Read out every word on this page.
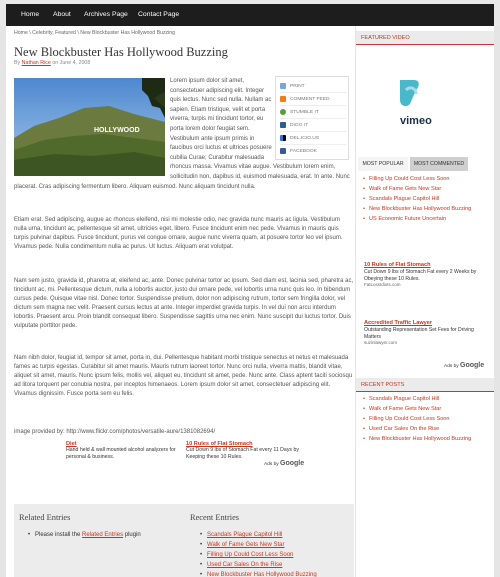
Home About Archives Page Contact Page
Home \ Celebrity, Featured \ New Blockbuster Has Hollywood Buzzing
New Blockbuster Has Hollywood Buzzing
By Nathan Rice on June 4, 2008
Lorem ipsum dolor sit amet, consectetuer adipiscing elit. Integer quis lectus. Nunc sed nulla. Nullam ac sapien. Etiam tristique, velit et porta viverra, turpis mi tincidunt tortor, eu porta lorem dolor feugiat sem. Vestibulum ante ipsum primis in faucibus orci luctus et ultrices posuere cubilia Curae; Curabitur malesuada rhoncus massa. Vivamus vitae augue. Vestibulum lorem enim, sollicitudin non, dapibus id, euismod malesuada, erat. In ante. Nunc placerat. Cras adipiscing fermentum libero. Aliquam euismod. Nunc aliquam tincidunt nulla.
HOLLYWOOD
PRINT
COMMENT FEED
STUMBLE IT
DIGG IT
DEL.ICIO.US
FACEBOOK
Etiam erat. Sed adipiscing, augue ac rhoncus eleifend, nisi mi molestie odio, nec gravida nunc mauris ac ligula. Vestibulum nulla urna, tincidunt ac, pellentesque sit amet, ultricies eget, libero. Fusce tincidunt enim nec pede. Vivamus in mauris quis turpis pulvinar dapibus. Fusce tincidunt, purus vel congue ornare, augue nunc viverra quam, at posuere tortor leo vel ipsum. Vivamus pede. Nulla condimentum nulla ac purus. Ut luctus. Aliquam erat volutpat.
Nam sem justo, gravida id, pharetra at, eleifend ac, ante. Donec pulvinar tortor ac ipsum. Sed diam est, lacinia sed, pharetra ac, tincidunt ac, mi. Pellentesque dictum, nulla a lobortis auctor, justo dui ornare pede, vel lobortis urna nunc quis leo. In bibendum cursus pede. Quisque vitae nisl. Donec tortor. Suspendisse pretium, dolor non adipiscing rutrum, tortor sem fringilla dolor, vel dictum sem magna nec velit. Praesent cursus lectus at ante. Integer imperdiet gravida turpis. In vel dui non arcu interdum lobortis. Praesent arcu. Proin blandit consequat libero. Suspendisse sagittis urna nec enim. Nunc suscipit dui luctus tortor. Duis vulputate porttitor pede.
Nam nibh dolor, feugiat id, tempor sit amet, porta in, dui. Pellentesque habitant morbi tristique senectus et netus et malesuada fames ac turpis egestas. Curabitur sit amet mauris. Mauris rutrum laoreet tortor. Nunc orci nulla, viverra mattis, blandit vitae, aliquet sit amet, mauris. Nunc ipsum felis, mollis vel, aliquet eu, tincidunt sit amet, pede. Nunc ante. Class aptent taciti sociosqu ad litora torquent per conubia nostra, per inceptos himenaeos. Lorem ipsum dolor sit amet, consectetuer adipiscing elit. Vivamus dignissim. Fusce porta sem eu felis.
image provided by: http://www.flickr.com/photos/versatile-aure/1381082694/
Diet
Hand held & wall mounted alcohol analyzers for personal & business.
10 Rules of Flat Stomach
Cut Down 9 lbs of Stomach Fat every 11 Days by Keeping these 10 Rules.
Ads by Google
Related Entries
• Please install the Related Entries plugin
Recent Entries
• Scandals Plague Capitol Hill
• Walk of Fame Gets New Star
• Filling Up Could Cost Less Soon
• Used Car Sales On the Rise
• New Blockbuster Has Hollywood Buzzing
FEATURED VIDEO
vimeo
MOST POPULAR	MOST COMMENTED
• Filling Up Could Cost Less Soon
• Walk of Fame Gets New Star
• Scandals Plague Capitol Hill
• New Blockbuster Has Hollywood Buzzing
• US Economic Future Uncertain
10 Rules of Flat Stomach
Cut Down 9 lbs of Stomach Fat every 2 Weeks by Obeying these 10 Rules.
FatLossIdiots.com
Accredited Traffic Lawyer
Outstanding Representation Set Fees for Driving Matters
suzinlawyer.com
Ads by Google
RECENT POSTS
• Scandals Plague Capitol Hill
• Walk of Fame Gets New Star
• Filling Up Could Cost Less Soon
• Used Car Sales On the Rise
• New Blockbuster Has Hollywood Buzzing
